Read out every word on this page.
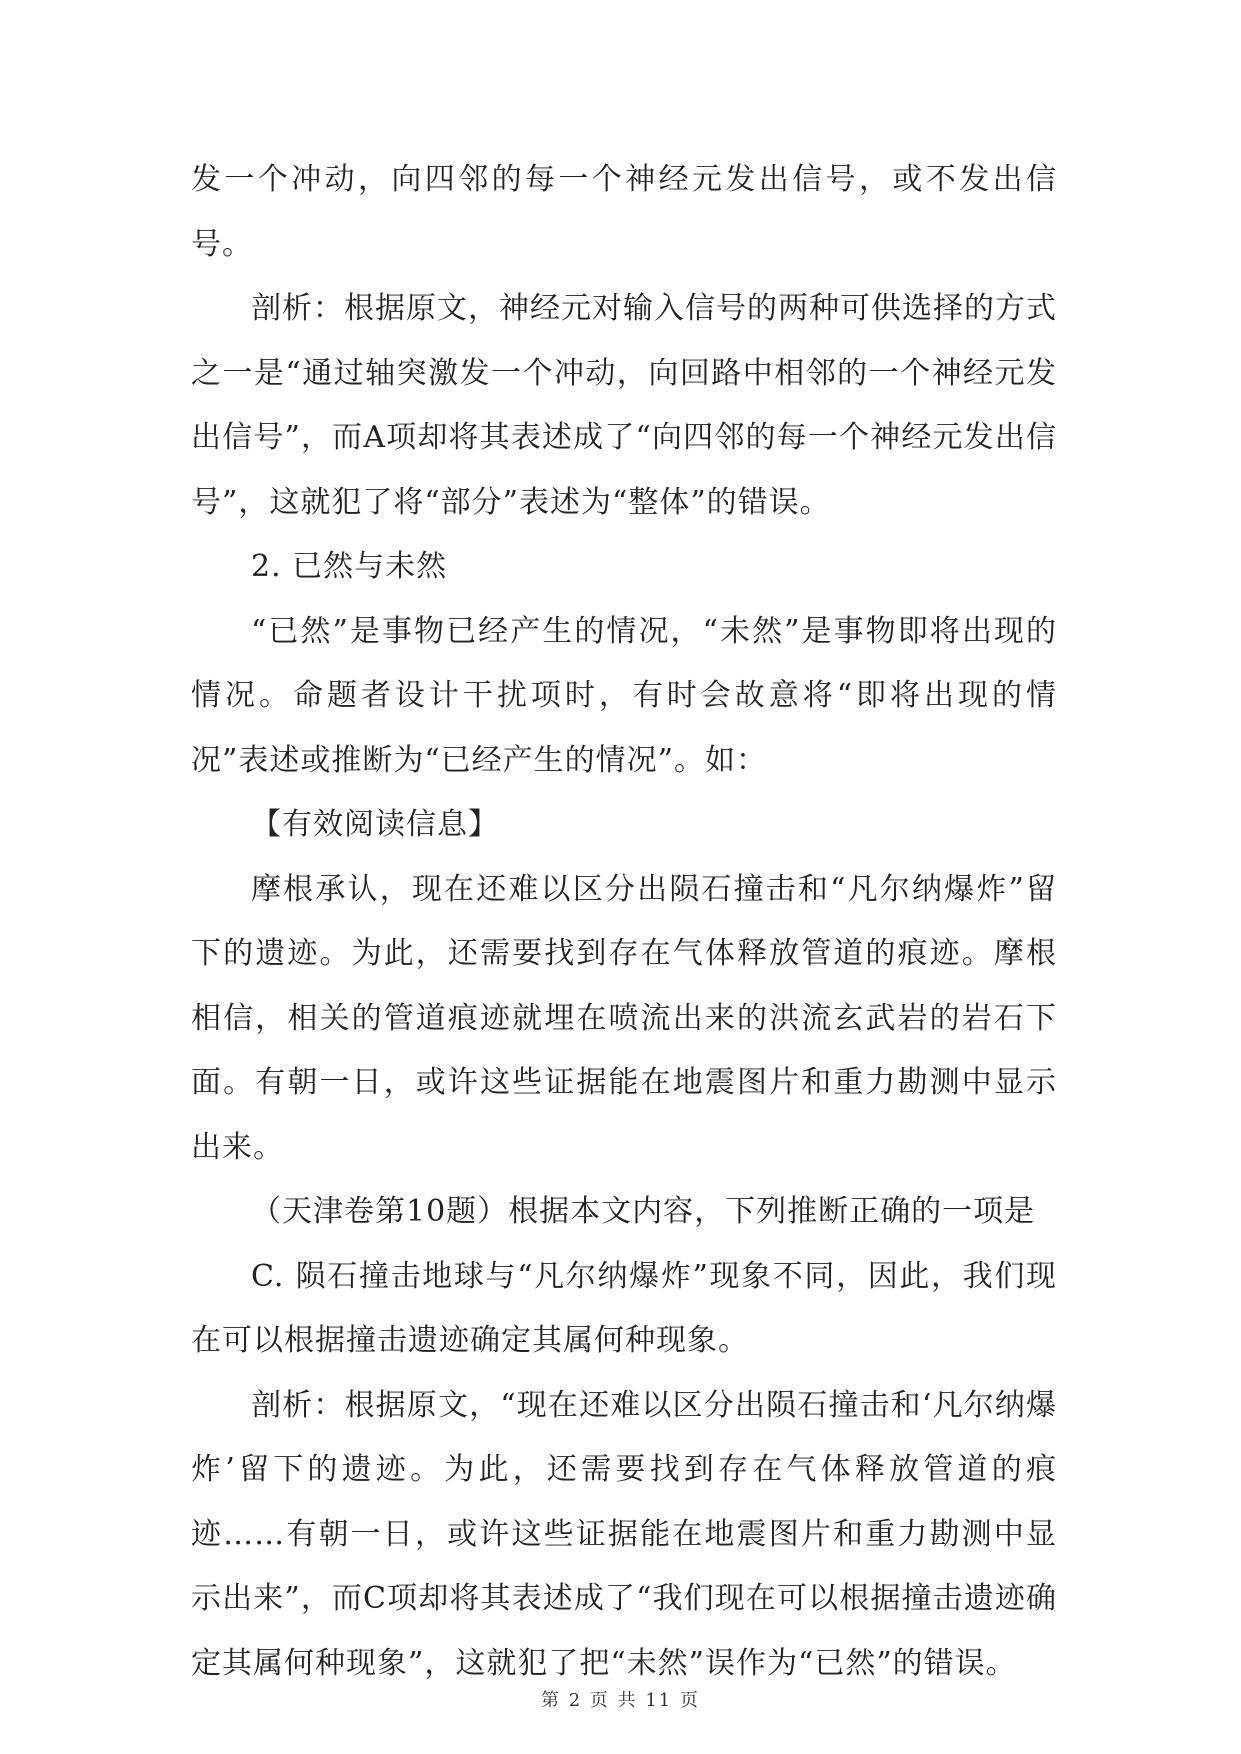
发一个冲动，向四邻的每一个神经元发出信号，或不发出信号。

剖析：根据原文，神经元对输入信号的两种可供选择的方式之一是“通过轴突激发一个冲动，向回路中相邻的一个神经元发出信号”，而A项却将其表述成了“向四邻的每一个神经元发出信号”，这就犯了将“部分”表述为“整体”的错误。

2. 已然与未然

“已然”是事物已经产生的情况，“未然”是事物即将出现的情况。命题者设计干扰项时，有时会故意将“即将出现的情况”表述或推断为“已经产生的情况”。如：

【有效阅读信息】

摩根承认，现在还难以区分出陨石撞击和“凡尔纳爆炸”留下的遗迹。为此，还需要找到存在气体释放管道的痕迹。摩根相信，相关的管道痕迹就埋在喷流出来的洪流玄武岩的岩石下面。有朝一日，或许这些证据能在地震图片和重力勘测中显示出来。

（天津卷第10题）根据本文内容，下列推断正确的一项是

C. 陨石撞击地球与“凡尔纳爆炸”现象不同，因此，我们现在可以根据撞击遗迹确定其属何种现象。

剖析：根据原文，“现在还难以区分出陨石撞击和‘凡尔纳爆炸’留下的遗迹。为此，还需要找到存在气体释放管道的痕迹……有朝一日，或许这些证据能在地震图片和重力勘测中显示出来”，而C项却将其表述成了“我们现在可以根据撞击遗迹确定其属何种现象”，这就犯了把“未然”误作为“已然”的错误。

第 2 页 共 11 页
